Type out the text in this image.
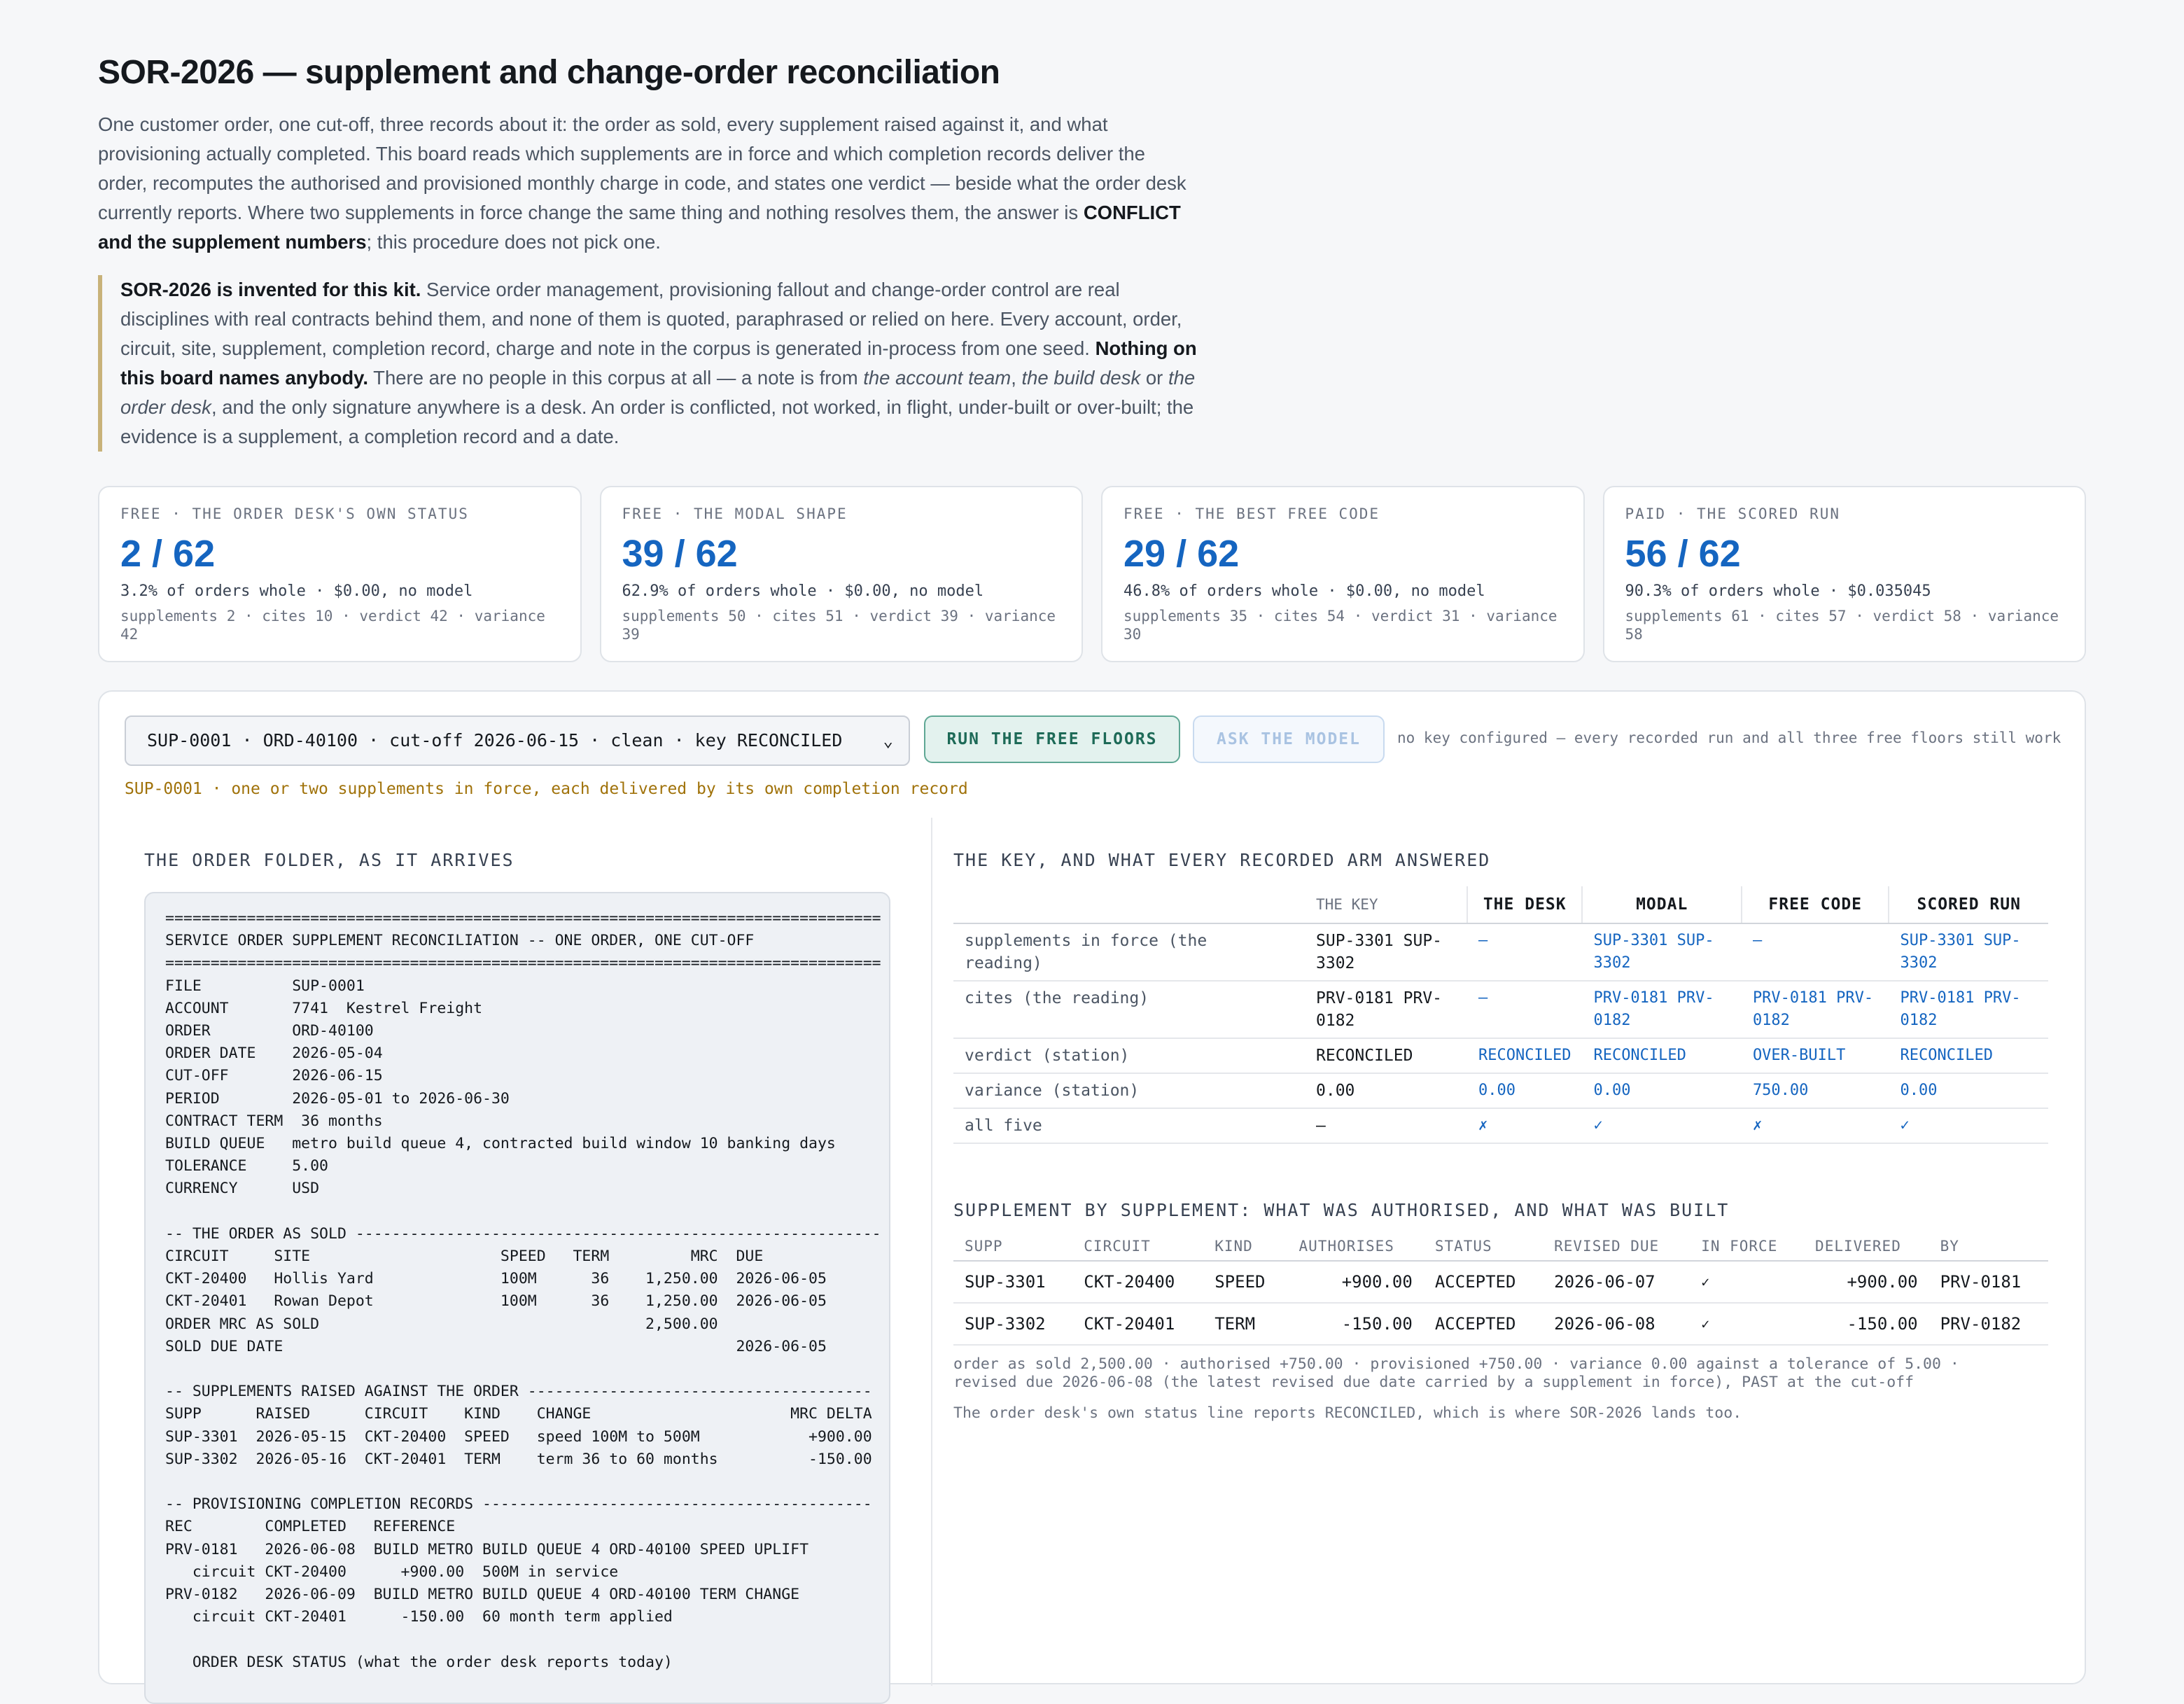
SOR-2026 — supplement and change-order reconciliation
One customer order, one cut-off, three records about it: the order as sold, every supplement raised against it, and what provisioning actually completed. This board reads which supplements are in force and which completion records deliver the order, recomputes the authorised and provisioned monthly charge in code, and states one verdict — beside what the order desk currently reports. Where two supplements in force change the same thing and nothing resolves them, the answer is CONFLICT and the supplement numbers; this procedure does not pick one.
SOR-2026 is invented for this kit. Service order management, provisioning fallout and change-order control are real disciplines with real contracts behind them, and none of them is quoted, paraphrased or relied on here. Every account, order, circuit, site, supplement, completion record, charge and note in the corpus is generated in-process from one seed. Nothing on this board names anybody. There are no people in this corpus at all — a note is from the account team, the build desk or the order desk, and the only signature anywhere is a desk. An order is conflicted, not worked, in flight, under-built or over-built; the evidence is a supplement, a completion record and a date.
FREE · THE ORDER DESK'S OWN STATUS
2 / 62
3.2% of orders whole · $0.00, no model
supplements 2 · cites 10 · verdict 42 · variance 42
FREE · THE MODAL SHAPE
39 / 62
62.9% of orders whole · $0.00, no model
supplements 50 · cites 51 · verdict 39 · variance 39
FREE · THE BEST FREE CODE
29 / 62
46.8% of orders whole · $0.00, no model
supplements 35 · cites 54 · verdict 31 · variance 30
PAID · THE SCORED RUN
56 / 62
90.3% of orders whole · $0.035045
supplements 61 · cites 57 · verdict 58 · variance 58
SUP-0001 · ORD-40100 · cut-off 2026-06-15 · clean · key RECONCILED ⌄	RUN THE FREE FLOORS	ASK THE MODEL	no key configured — every recorded run and all three free floors still work
SUP-0001 · one or two supplements in force, each delivered by its own completion record
THE ORDER FOLDER, AS IT ARRIVES
===============================================================================
SERVICE ORDER SUPPLEMENT RECONCILIATION -- ONE ORDER, ONE CUT-OFF
===============================================================================
FILE          SUP-0001
ACCOUNT       7741  Kestrel Freight
ORDER         ORD-40100
ORDER DATE    2026-05-04
CUT-OFF       2026-06-15
PERIOD        2026-05-01 to 2026-06-30
CONTRACT TERM  36 months
BUILD QUEUE   metro build queue 4, contracted build window 10 banking days
TOLERANCE     5.00
CURRENCY      USD

-- THE ORDER AS SOLD ----------------------------------------------------------
CIRCUIT     SITE                     SPEED   TERM         MRC  DUE
CKT-20400   Hollis Yard              100M      36    1,250.00  2026-06-05
CKT-20401   Rowan Depot              100M      36    1,250.00  2026-06-05
ORDER MRC AS SOLD                                    2,500.00
SOLD DUE DATE                                                  2026-06-05

-- SUPPLEMENTS RAISED AGAINST THE ORDER --------------------------------------
SUPP      RAISED      CIRCUIT    KIND    CHANGE                      MRC DELTA
SUP-3301  2026-05-15  CKT-20400  SPEED   speed 100M to 500M            +900.00
SUP-3302  2026-05-16  CKT-20401  TERM    term 36 to 60 months          -150.00

-- PROVISIONING COMPLETION RECORDS -------------------------------------------
REC        COMPLETED   REFERENCE
PRV-0181   2026-06-08  BUILD METRO BUILD QUEUE 4 ORD-40100 SPEED UPLIFT
circuit CKT-20400      +900.00  500M in service
PRV-0182   2026-06-09  BUILD METRO BUILD QUEUE 4 ORD-40100 TERM CHANGE
circuit CKT-20401      -150.00  60 month term applied

ORDER DESK STATUS (what the order desk reports today)
THE KEY, AND WHAT EVERY RECORDED ARM ANSWERED
	THE KEY	THE DESK	MODAL	FREE CODE	SCORED RUN
supplements in force (the reading)	SUP-3301 SUP-3302	—	SUP-3301 SUP-3302	—	SUP-3301 SUP-3302
cites (the reading)	PRV-0181 PRV-0182	—	PRV-0181 PRV-0182	PRV-0181 PRV-0182	PRV-0181 PRV-0182
verdict (station)	RECONCILED	RECONCILED	RECONCILED	OVER-BUILT	RECONCILED
variance (station)	0.00	0.00	0.00	750.00	0.00
all five	—	✗	✓	✗	✓
SUPPLEMENT BY SUPPLEMENT: WHAT WAS AUTHORISED, AND WHAT WAS BUILT
SUPP	CIRCUIT	KIND	AUTHORISES	STATUS	REVISED DUE	IN FORCE	DELIVERED	BY
SUP-3301	CKT-20400	SPEED	+900.00	ACCEPTED	2026-06-07	✓	+900.00	PRV-0181
SUP-3302	CKT-20401	TERM	-150.00	ACCEPTED	2026-06-08	✓	-150.00	PRV-0182
order as sold 2,500.00 · authorised +750.00 · provisioned +750.00 · variance 0.00 against a tolerance of 5.00 · revised due 2026-06-08 (the latest revised due date carried by a supplement in force), PAST at the cut-off
The order desk's own status line reports RECONCILED, which is where SOR-2026 lands too.
